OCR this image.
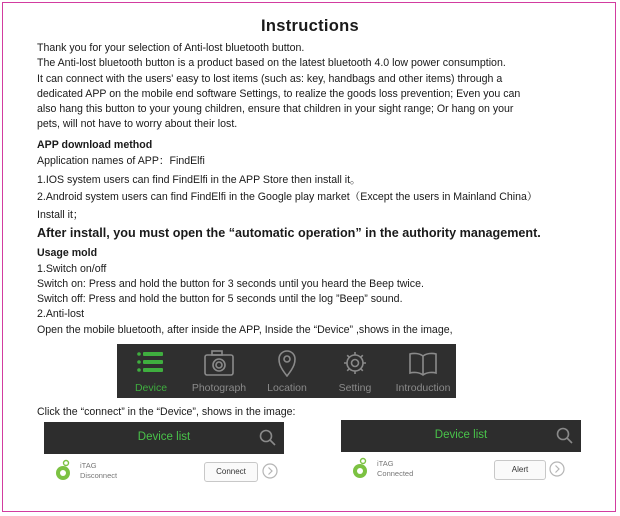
Instructions
Thank you for your selection of Anti-lost bluetooth button.
The Anti-lost bluetooth button is a product based on the latest bluetooth 4.0 low power consumption.
It can connect with the users' easy to lost items (such as: key, handbags and other items) through a
dedicated APP on the mobile end software Settings, to realize the goods loss prevention; Even you can
also hang this button to your young children, ensure that children in your sight range; Or hang on your
pets, will not have to worry about their lost.
APP download method
Application names of APP：FindElfi
1.IOS system users can find FindElfi in the APP Store then install it。
2.Android system users can find FindElfi in the Google play market（Except the users in Mainland China）
Install it；
After install, you must open the “automatic operation” in the authority management.
Usage mold
1.Switch on/off
Switch on: Press and hold the button for 3 seconds until you heard the Beep twice.
Switch off: Press and hold the button for 5 seconds until the log ”Beep” sound.
2.Anti-lost
Open the mobile bluetooth, after inside the APP, Inside the “Device” ,shows in the image,
Device	Photograph	Location	Setting	Introduction
Click the “connect” in the “Device”, shows in the image:
Device list
iTAG
Disconnect	Connect
Device list
iTAG
Connected	Alert
